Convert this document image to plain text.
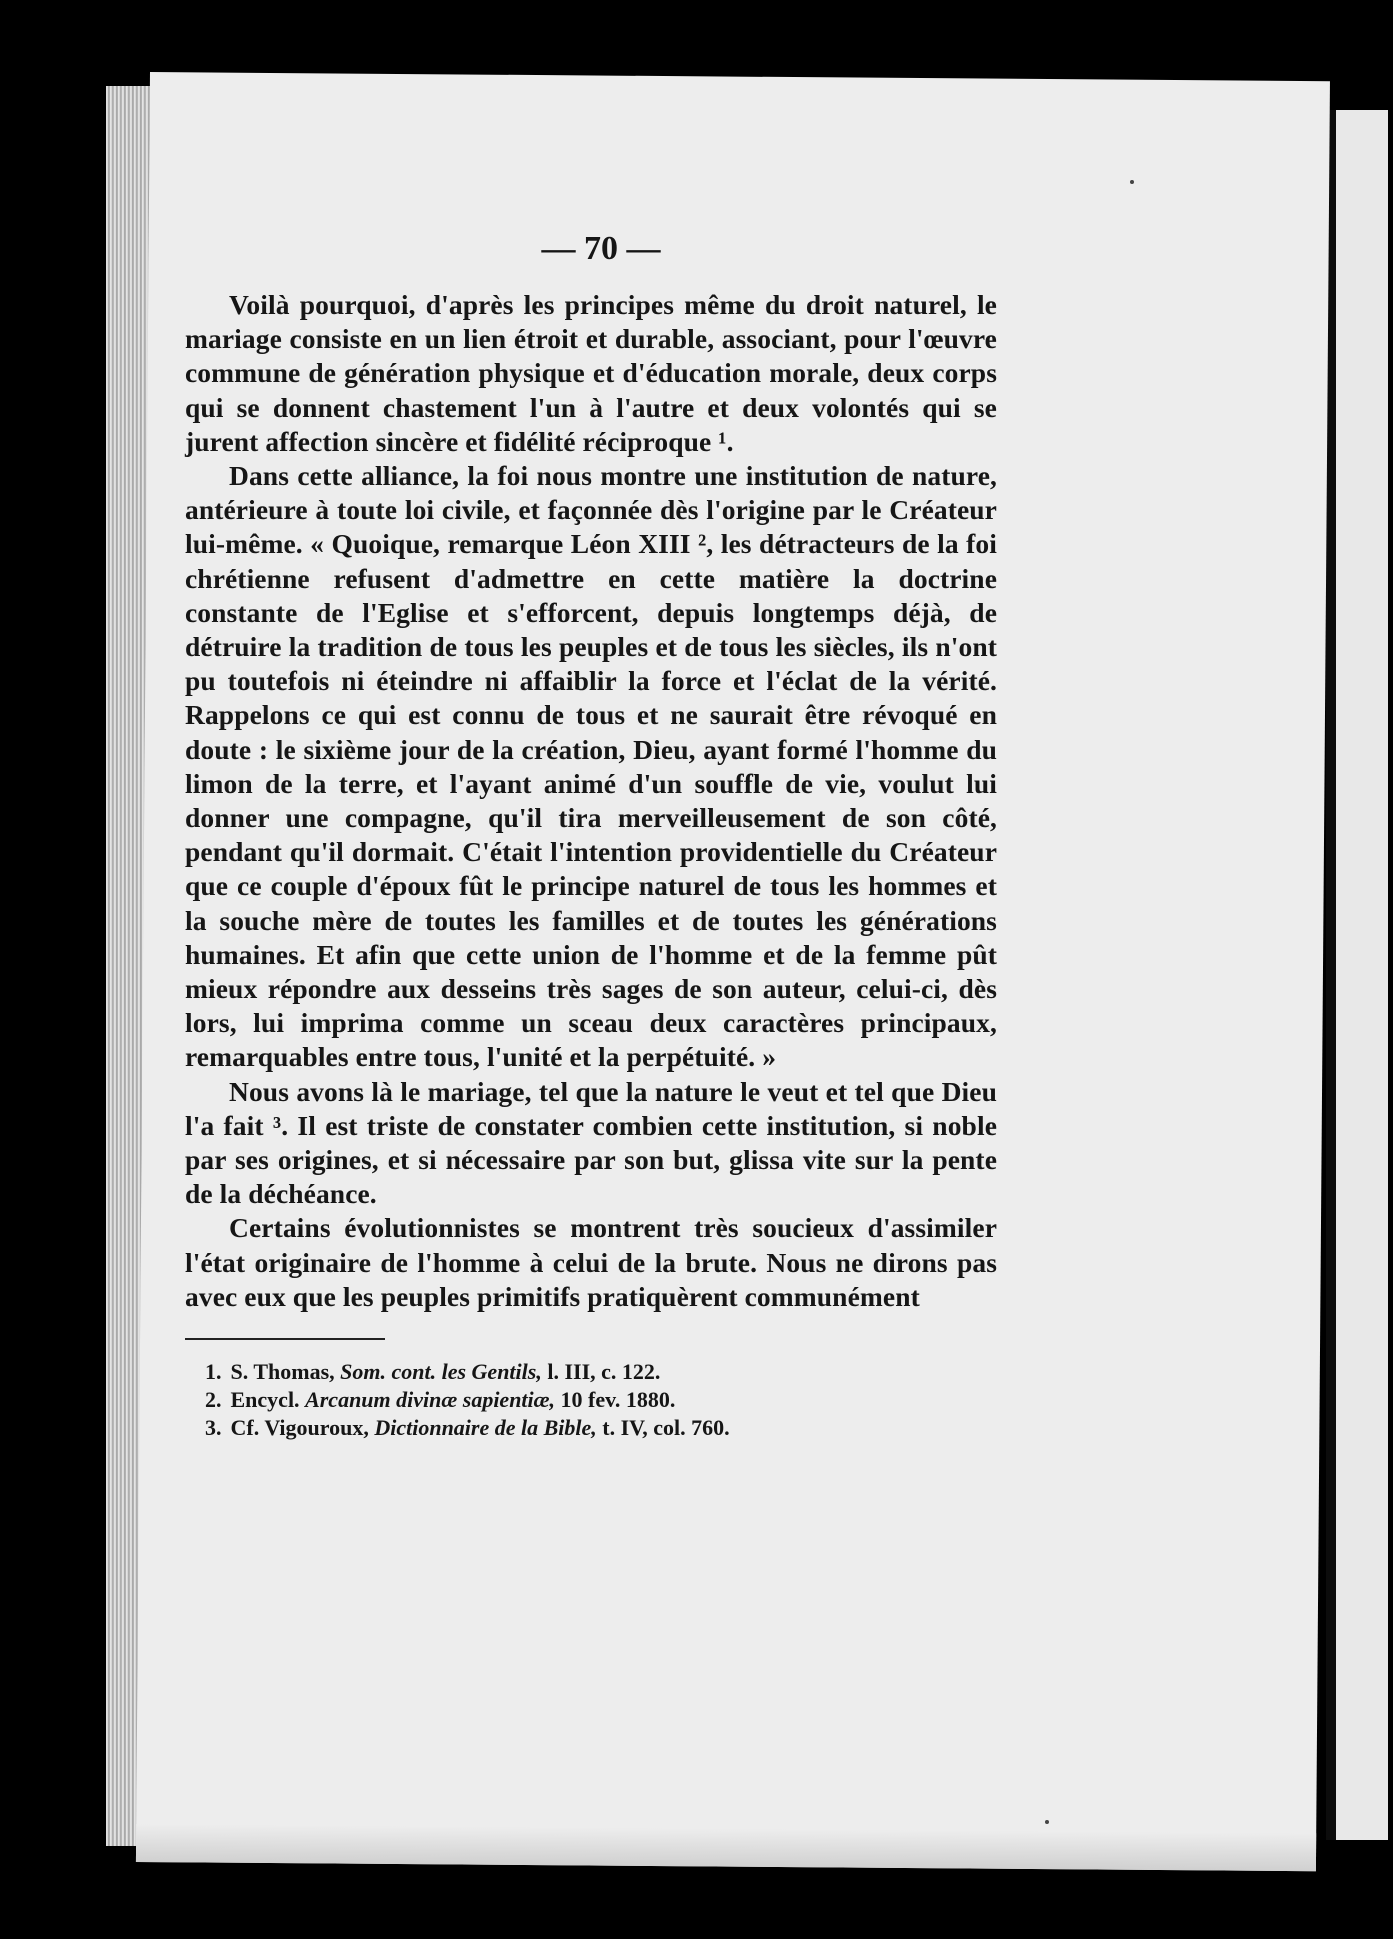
— 70 —

Voilà pourquoi, d'après les principes même du droit naturel, le mariage consiste en un lien étroit et durable, associant, pour l'œuvre commune de génération physique et d'éducation morale, deux corps qui se donnent chastement l'un à l'autre et deux volontés qui se jurent affection sincère et fidélité réciproque ¹.

Dans cette alliance, la foi nous montre une institution de nature, antérieure à toute loi civile, et façonnée dès l'origine par le Créateur lui-même. « Quoique, remarque Léon XIII ², les détracteurs de la foi chrétienne refusent d'admettre en cette matière la doctrine constante de l'Eglise et s'efforcent, depuis longtemps déjà, de détruire la tradition de tous les peuples et de tous les siècles, ils n'ont pu toutefois ni éteindre ni affaiblir la force et l'éclat de la vérité. Rappelons ce qui est connu de tous et ne saurait être révoqué en doute : le sixième jour de la création, Dieu, ayant formé l'homme du limon de la terre, et l'ayant animé d'un souffle de vie, voulut lui donner une compagne, qu'il tira merveilleusement de son côté, pendant qu'il dormait. C'était l'intention providentielle du Créateur que ce couple d'époux fût le principe naturel de tous les hommes et la souche mère de toutes les familles et de toutes les générations humaines. Et afin que cette union de l'homme et de la femme pût mieux répondre aux desseins très sages de son auteur, celui-ci, dès lors, lui imprima comme un sceau deux caractères principaux, remarquables entre tous, l'unité et la perpétuité. »

Nous avons là le mariage, tel que la nature le veut et tel que Dieu l'a fait ³. Il est triste de constater combien cette institution, si noble par ses origines, et si nécessaire par son but, glissa vite sur la pente de la déchéance.

Certains évolutionnistes se montrent très soucieux d'assimiler l'état originaire de l'homme à celui de la brute. Nous ne dirons pas avec eux que les peuples primitifs pratiquèrent communément

1. S. Thomas, Som. cont. les Gentils, l. III, c. 122.
2. Encycl. Arcanum divinæ sapientiæ, 10 fev. 1880.
3. Cf. Vigouroux, Dictionnaire de la Bible, t. IV, col. 760.
